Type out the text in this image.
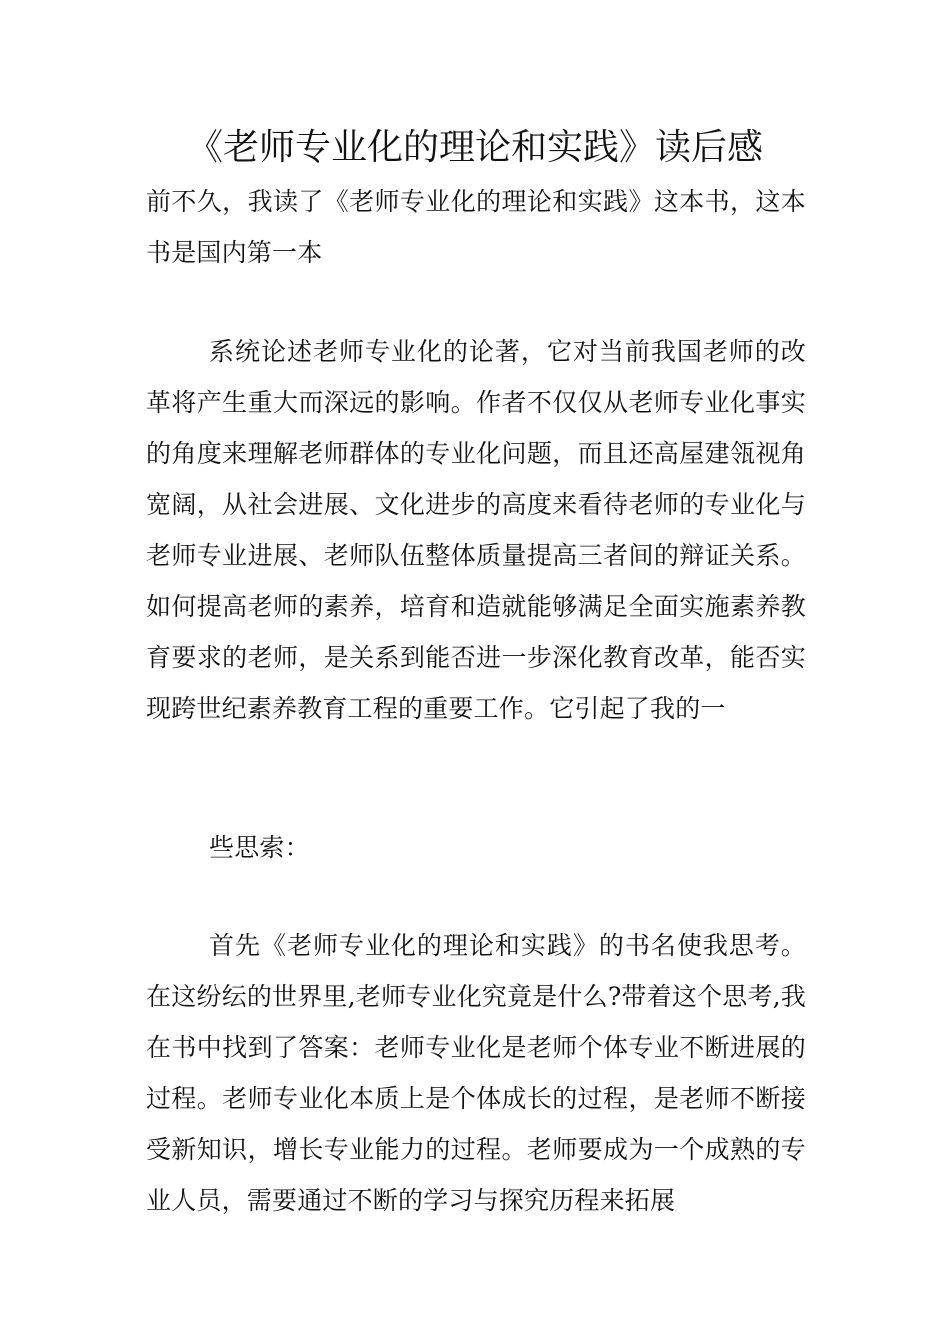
《老师专业化的理论和实践》读后感

前不久，我读了《老师专业化的理论和实践》这本书，这本书是国内第一本

系统论述老师专业化的论著，它对当前我国老师的改革将产生重大而深远的影响。作者不仅仅从老师专业化事实的角度来理解老师群体的专业化问题，而且还高屋建瓴视角宽阔，从社会进展、文化进步的高度来看待老师的专业化与老师专业进展、老师队伍整体质量提高三者间的辩证关系。如何提高老师的素养，培育和造就能够满足全面实施素养教育要求的老师，是关系到能否进一步深化教育改革，能否实现跨世纪素养教育工程的重要工作。它引起了我的一

些思索：

首先《老师专业化的理论和实践》的书名使我思考。在这纷纭的世界里,老师专业化究竟是什么?带着这个思考,我在书中找到了答案：老师专业化是老师个体专业不断进展的过程。老师专业化本质上是个体成长的过程，是老师不断接受新知识，增长专业能力的过程。老师要成为一个成熟的专业人员，需要通过不断的学习与探究历程来拓展
